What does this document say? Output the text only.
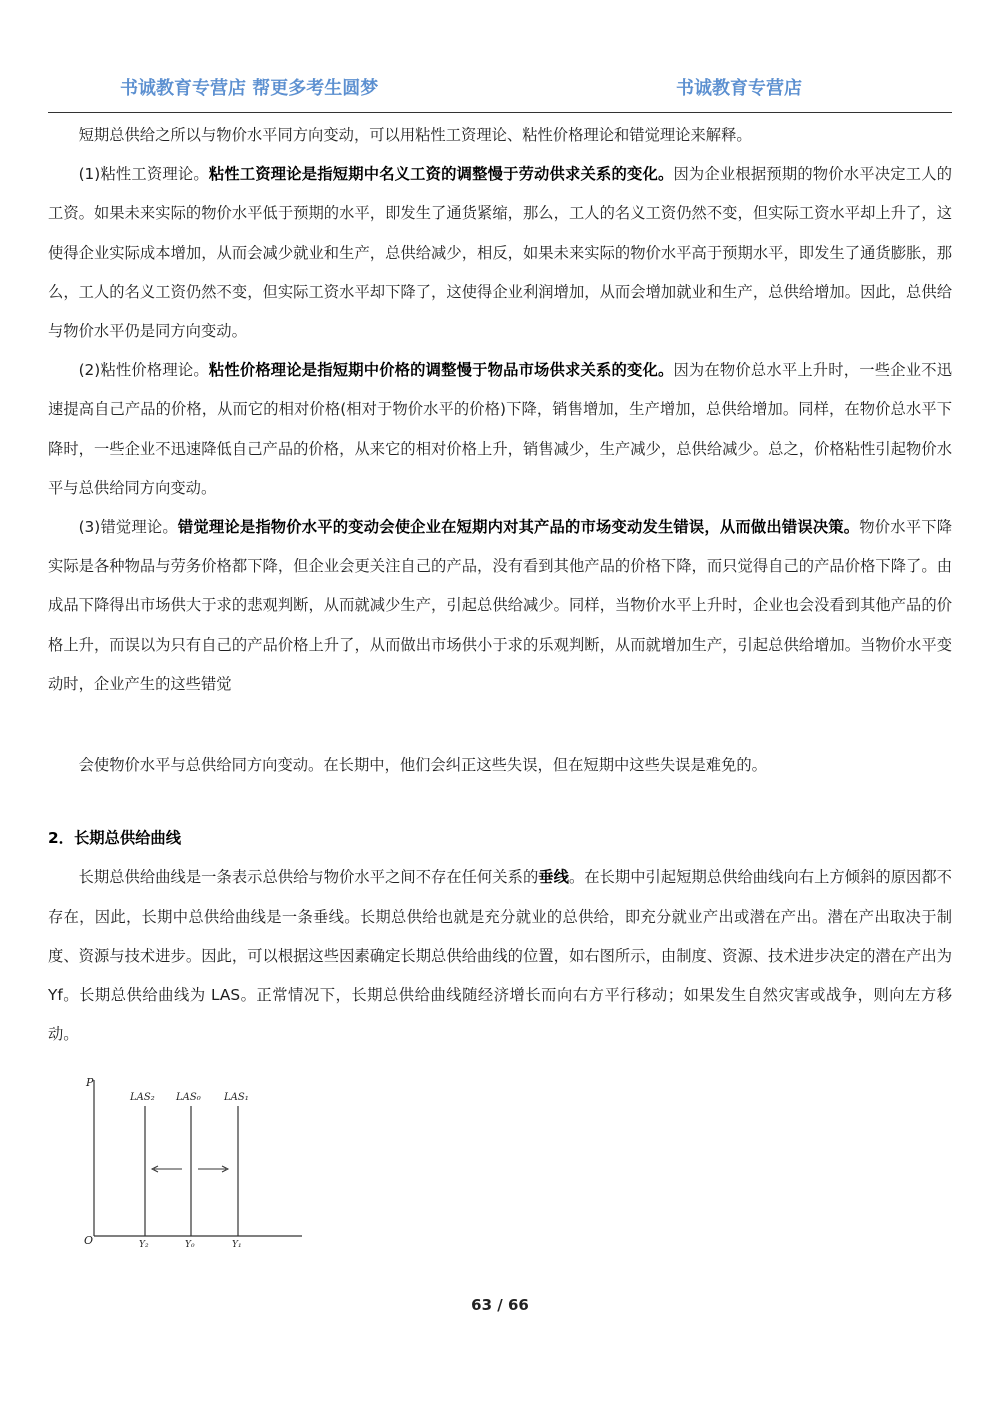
书诚教育专营店 帮更多考生圆梦	书诚教育专营店

短期总供给之所以与物价水平同方向变动，可以用粘性工资理论、粘性价格理论和错觉理论来解释。

(1)粘性工资理论。粘性工资理论是指短期中名义工资的调整慢于劳动供求关系的变化。因为企业根据预期的物价水平决定工人的工资。如果未来实际的物价水平低于预期的水平，即发生了通货紧缩，那么，工人的名义工资仍然不变，但实际工资水平却上升了，这使得企业实际成本增加，从而会减少就业和生产，总供给减少，相反，如果未来实际的物价水平高于预期水平，即发生了通货膨胀，那么，工人的名义工资仍然不变，但实际工资水平却下降了，这使得企业利润增加，从而会增加就业和生产，总供给增加。因此，总供给与物价水平仍是同方向变动。

(2)粘性价格理论。粘性价格理论是指短期中价格的调整慢于物品市场供求关系的变化。因为在物价总水平上升时，一些企业不迅速提高自己产品的价格，从而它的相对价格(相对于物价水平的价格)下降，销售增加，生产增加，总供给增加。同样，在物价总水平下降时，一些企业不迅速降低自己产品的价格，从来它的相对价格上升，销售减少，生产减少，总供给减少。总之，价格粘性引起物价水平与总供给同方向变动。

(3)错觉理论。错觉理论是指物价水平的变动会使企业在短期内对其产品的市场变动发生错误，从而做出错误决策。物价水平下降实际是各种物品与劳务价格都下降，但企业会更关注自己的产品，没有看到其他产品的价格下降，而只觉得自己的产品价格下降了。由成品下降得出市场供大于求的悲观判断，从而就减少生产，引起总供给减少。同样，当物价水平上升时，企业也会没看到其他产品的价格上升，而误以为只有自己的产品价格上升了，从而做出市场供小于求的乐观判断，从而就增加生产，引起总供给增加。当物价水平变动时，企业产生的这些错觉

会使物价水平与总供给同方向变动。在长期中，他们会纠正这些失误，但在短期中这些失误是难免的。

2．长期总供给曲线

长期总供给曲线是一条表示总供给与物价水平之间不存在任何关系的垂线。在长期中引起短期总供给曲线向右上方倾斜的原因都不存在，因此，长期中总供给曲线是一条垂线。长期总供给也就是充分就业的总供给，即充分就业产出或潜在产出。潜在产出取决于制度、资源与技术进步。因此，可以根据这些因素确定长期总供给曲线的位置，如右图所示，由制度、资源、技术进步决定的潜在产出为 Yf。长期总供给曲线为 LAS。正常情况下，长期总供给曲线随经济增长而向右方平行移动；如果发生自然灾害或战争，则向左方移动。

P
O
LAS₂ LAS₀ LAS₁
Y₂	Y₀	Y₁
63 / 66
